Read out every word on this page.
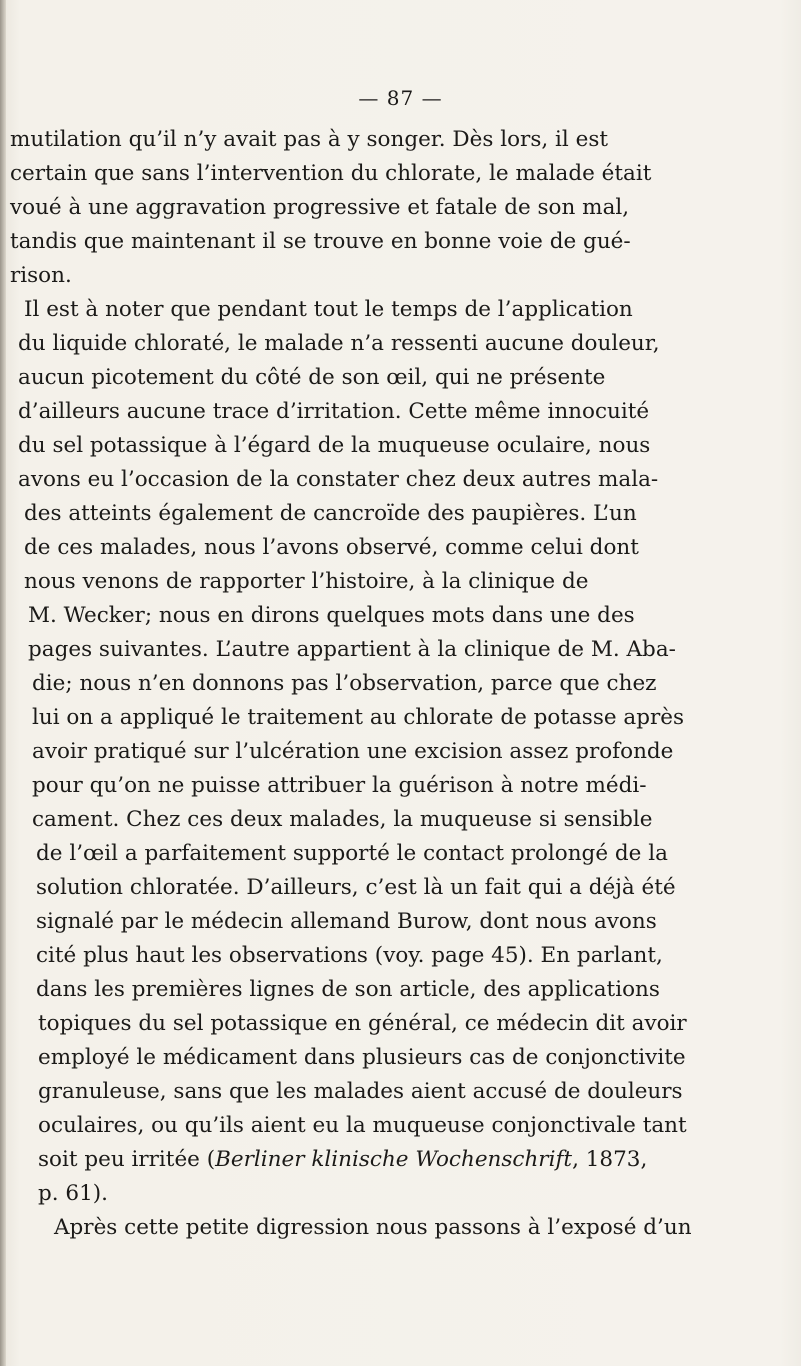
— 87 —
mutilation qu’il n’y avait pas à y songer. Dès lors, il est
certain que sans l’intervention du chlorate, le malade était
voué à une aggravation progressive et fatale de son mal,
tandis que maintenant il se trouve en bonne voie de gué-
rison.
Il est à noter que pendant tout le temps de l’application
du liquide chloraté, le malade n’a ressenti aucune douleur,
aucun picotement du côté de son œil, qui ne présente
d’ailleurs aucune trace d’irritation. Cette même innocuité
du sel potassique à l’égard de la muqueuse oculaire, nous
avons eu l’occasion de la constater chez deux autres mala-
des atteints également de cancroïde des paupières. L’un
de ces malades, nous l’avons observé, comme celui dont
nous venons de rapporter l’histoire, à la clinique de
M. Wecker; nous en dirons quelques mots dans une des
pages suivantes. L’autre appartient à la clinique de M. Aba-
die; nous n’en donnons pas l’observation, parce que chez
lui on a appliqué le traitement au chlorate de potasse après
avoir pratiqué sur l’ulcération une excision assez profonde
pour qu’on ne puisse attribuer la guérison à notre médi-
cament. Chez ces deux malades, la muqueuse si sensible
de l’œil a parfaitement supporté le contact prolongé de la
solution chloratée. D’ailleurs, c’est là un fait qui a déjà été
signalé par le médecin allemand Burow, dont nous avons
cité plus haut les observations (voy. page 45). En parlant,
dans les premières lignes de son article, des applications
topiques du sel potassique en général, ce médecin dit avoir
employé le médicament dans plusieurs cas de conjonctivite
granuleuse, sans que les malades aient accusé de douleurs
oculaires, ou qu’ils aient eu la muqueuse conjonctivale tant
soit peu irritée (Berliner klinische Wochenschrift, 1873,
p. 61).
Après cette petite digression nous passons à l’exposé d’un
